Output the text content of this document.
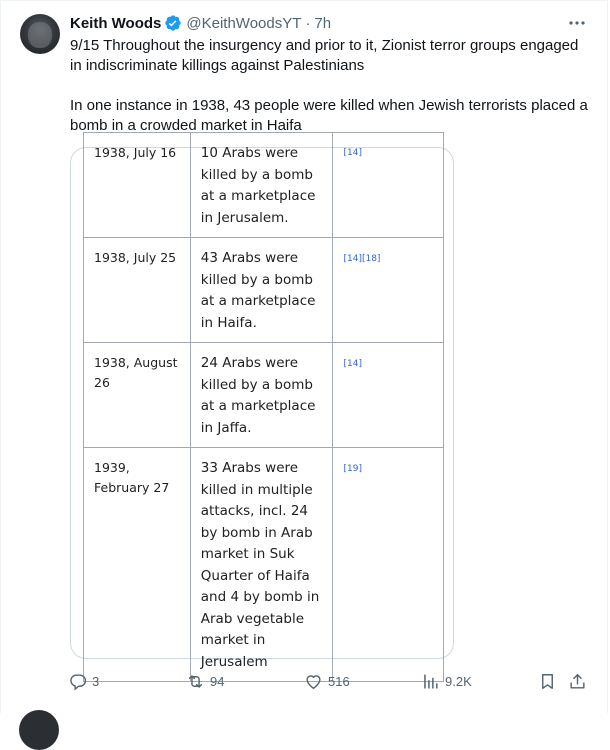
Keith Woods @KeithWoodsYT · 7h

9/15 Throughout the insurgency and prior to it, Zionist terror groups engaged in indiscriminate killings against Palestinians

In one instance in 1938, 43 people were killed when Jewish terrorists placed a bomb in a crowded market in Haifa

1938, July 16	10 Arabs were killed by a bomb at a marketplace in Jerusalem.	[14]
1938, July 25	43 Arabs were killed by a bomb at a marketplace in Haifa.	[14][18]
1938, August 26	24 Arabs were killed by a bomb at a marketplace in Jaffa.	[14]
1939, February 27	33 Arabs were killed in multiple attacks, incl. 24 by bomb in Arab market in Suk Quarter of Haifa and 4 by bomb in Arab vegetable market in Jerusalem	[19]
3	94	516	9.2K
